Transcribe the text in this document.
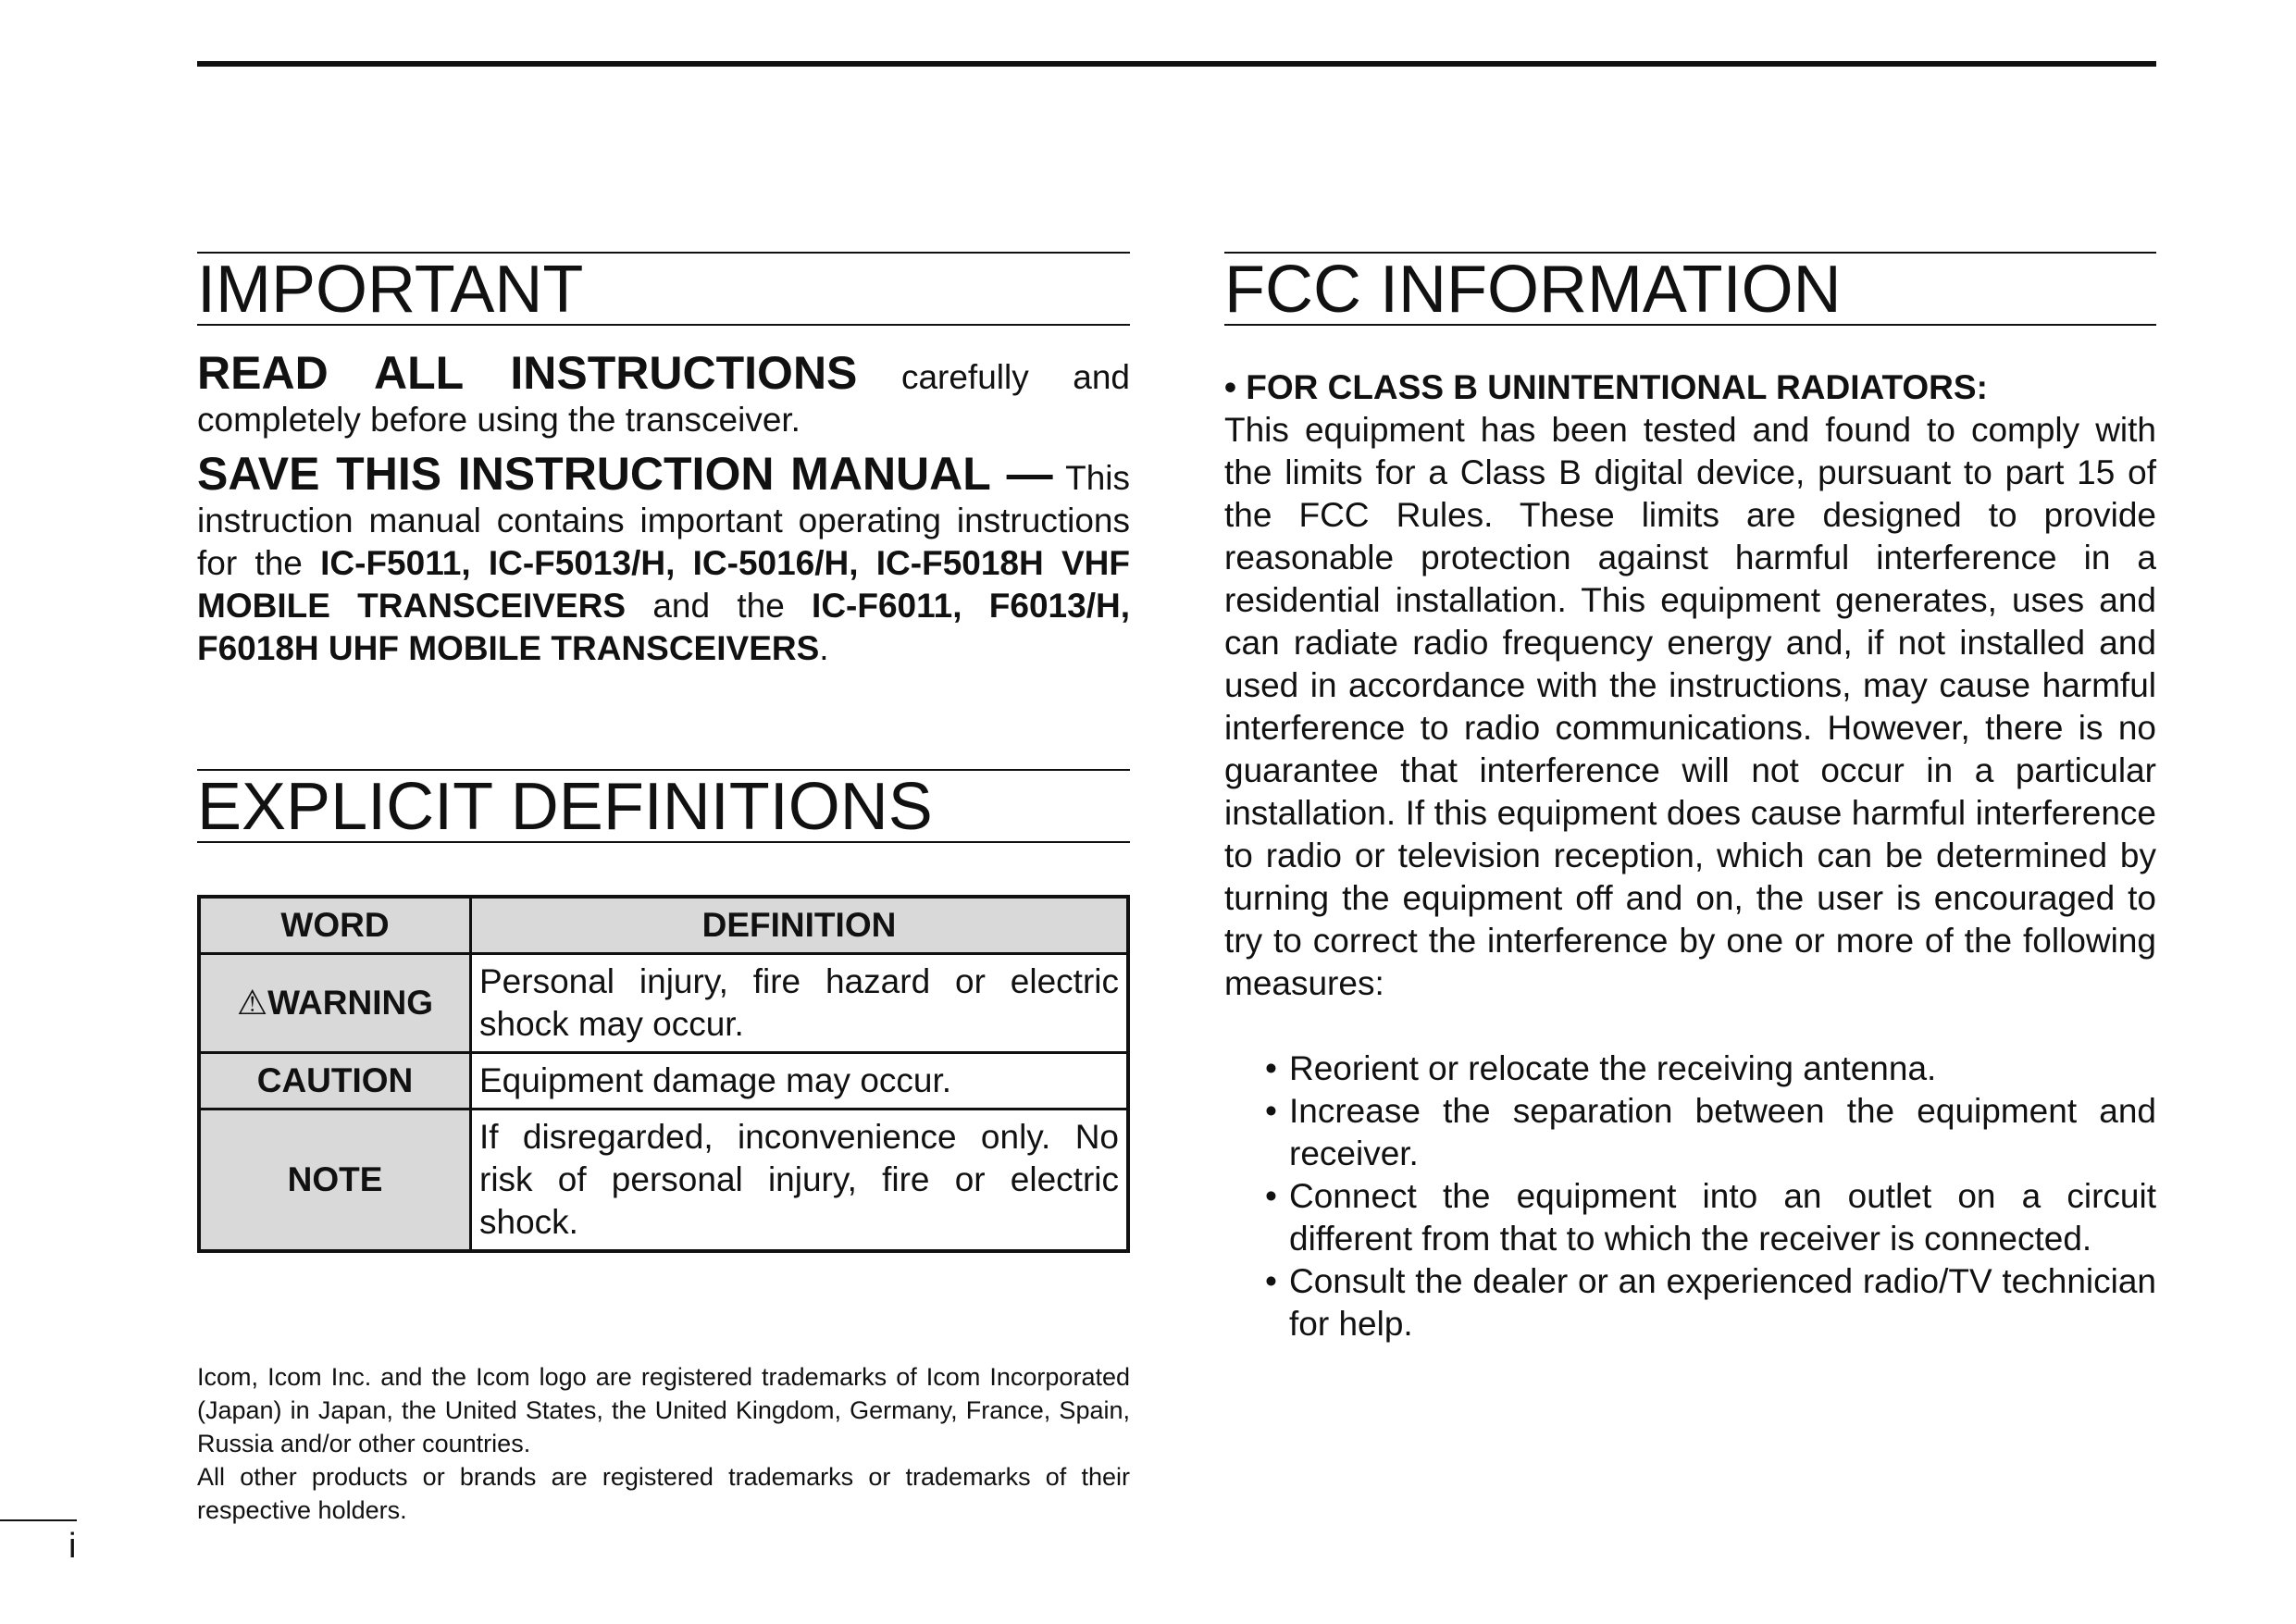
IMPORTANT

READ ALL INSTRUCTIONS carefully and completely before using the transceiver.

SAVE THIS INSTRUCTION MANUAL — This instruction manual contains important operating instructions for the IC-F5011, IC-F5013/H, IC-5016/H, IC-F5018H VHF MOBILE TRANSCEIVERS and the IC-F6011, F6013/H, F6018H UHF MOBILE TRANSCEIVERS.

EXPLICIT DEFINITIONS
WORD	DEFINITION
⚠WARNING	Personal injury, fire hazard or electric shock may occur.
CAUTION	Equipment damage may occur.
NOTE	If disregarded, inconvenience only. No risk of personal injury, fire or electric shock.

Icom, Icom Inc. and the Icom logo are registered trademarks of Icom Incorporated (Japan) in Japan, the United States, the United Kingdom, Germany, France, Spain, Russia and/or other countries.

All other products or brands are registered trademarks or trademarks of their respective holders.

i
FCC INFORMATION

• FOR CLASS B UNINTENTIONAL RADIATORS:

This equipment has been tested and found to comply with the limits for a Class B digital device, pursuant to part 15 of the FCC Rules. These limits are designed to provide reasonable protection against harmful interference in a residential installation. This equipment generates, uses and can radiate radio frequency energy and, if not installed and used in accordance with the instructions, may cause harmful interference to radio communications. However, there is no guarantee that interference will not occur in a particular installation. If this equipment does cause harmful interference to radio or television reception, which can be determined by turning the equipment off and on, the user is encouraged to try to correct the interference by one or more of the following measures:

• Reorient or relocate the receiving antenna.
• Increase the separation between the equipment and receiver.
• Connect the equipment into an outlet on a circuit different from that to which the receiver is connected.
• Consult the dealer or an experienced radio/TV technician for help.
